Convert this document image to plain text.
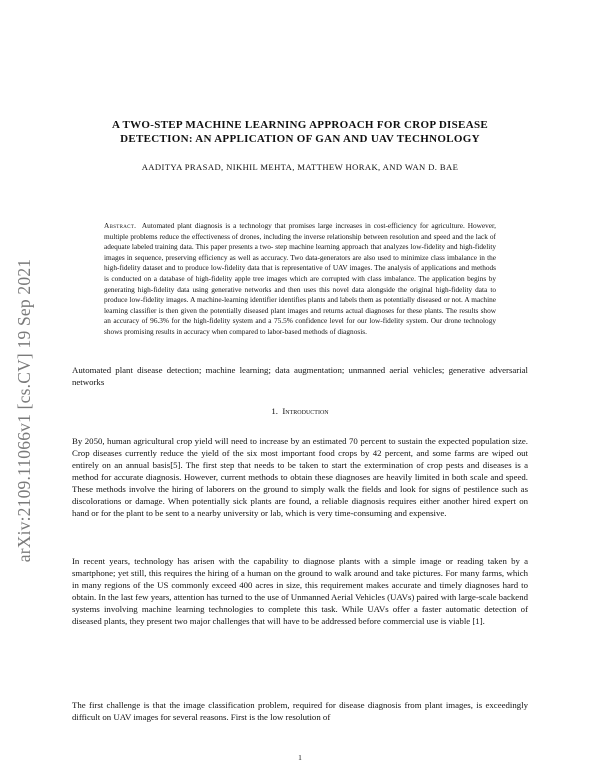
arXiv:2109.11066v1 [cs.CV] 19 Sep 2021
A TWO-STEP MACHINE LEARNING APPROACH FOR CROP DISEASE
DETECTION: AN APPLICATION OF GAN AND UAV TECHNOLOGY
AADITYA PRASAD, NIKHIL MEHTA, MATTHEW HORAK, AND WAN D. BAE

Abstract. Automated plant diagnosis is a technology that promises large increases in cost-efficiency for agriculture. However, multiple problems reduce the effectiveness of drones, including the inverse relationship between resolution and speed and the lack of adequate labeled training data. This paper presents a two- step machine learning approach that analyzes low-fidelity and high-fidelity images in sequence, preserving efficiency as well as accuracy. Two data-generators are also used to minimize class imbalance in the high-fidelity dataset and to produce low-fidelity data that is representative of UAV images. The analysis of applications and methods is conducted on a database of high-fidelity apple tree images which are corrupted with class imbalance. The application begins by generating high-fidelity data using generative networks and then uses this novel data alongside the original high-fidelity data to produce low-fidelity images. A machine-learning identifier identifies plants and labels them as potentially diseased or not. A machine learning classifier is then given the potentially diseased plant images and returns actual diagnoses for these plants. The results show an accuracy of 96.3% for the high-fidelity system and a 75.5% confidence level for our low-fidelity system. Our drone technology shows promising results in accuracy when compared to labor-based methods of diagnosis.

Automated plant disease detection; machine learning; data augmentation; unmanned aerial vehicles; generative adversarial networks

1. Introduction

By 2050, human agricultural crop yield will need to increase by an estimated 70 percent to sustain the expected population size. Crop diseases currently reduce the yield of the six most important food crops by 42 percent, and some farms are wiped out entirely on an annual basis[5]. The first step that needs to be taken to start the extermination of crop pests and diseases is a method for accurate diagnosis. However, current methods to obtain these diagnoses are heavily limited in both scale and speed. These methods involve the hiring of laborers on the ground to simply walk the fields and look for signs of pestilence such as discolorations or damage. When potentially sick plants are found, a reliable diagnosis requires either another hired expert on hand or for the plant to be sent to a nearby university or lab, which is very time-consuming and expensive.

In recent years, technology has arisen with the capability to diagnose plants with a simple image or reading taken by a smartphone; yet still, this requires the hiring of a human on the ground to walk around and take pictures. For many farms, which in many regions of the US commonly exceed 400 acres in size, this requirement makes accurate and timely diagnoses hard to obtain. In the last few years, attention has turned to the use of Unmanned Aerial Vehicles (UAVs) paired with large-scale backend systems involving machine learning technologies to complete this task. While UAVs offer a faster automatic detection of diseased plants, they present two major challenges that will have to be addressed before commercial use is viable [1].

The first challenge is that the image classification problem, required for disease diagnosis from plant images, is exceedingly difficult on UAV images for several reasons. First is the low resolution of

1
